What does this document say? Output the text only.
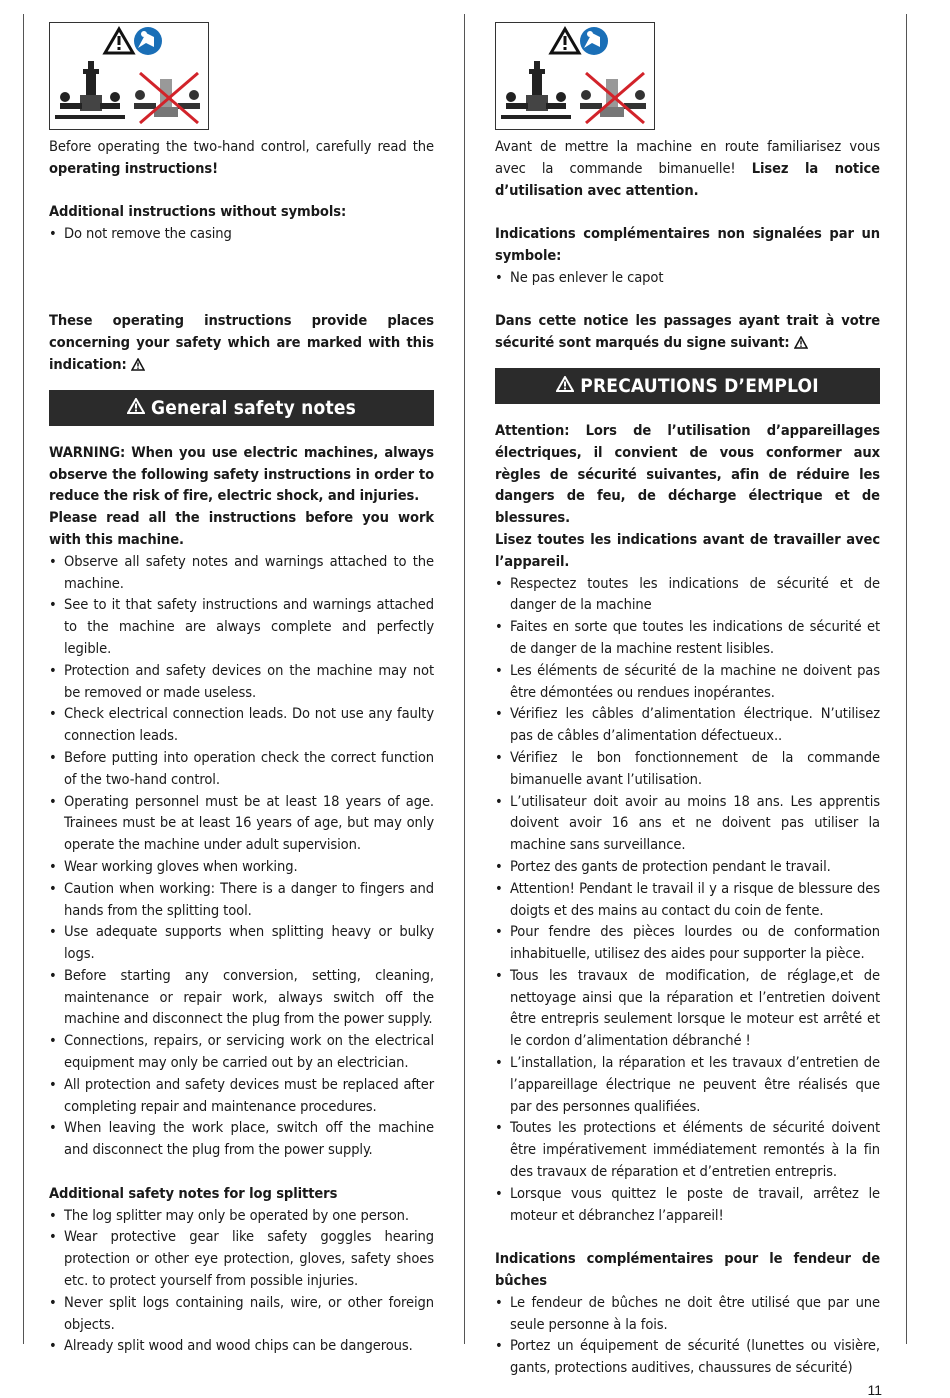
Before operating the two-hand control, carefully read the operating instructions!

Additional instructions without symbols:

• Do not remove the casing

These operating instructions provide places concerning your safety which are marked with this indication:

General safety notes

WARNING: When you use electric machines, always observe the following safety instructions in order to reduce the risk of fire, electric shock, and injuries.

Please read all the instructions before you work with this machine.

• Observe all safety notes and warnings attached to the machine.
• See to it that safety instructions and warnings attached to the machine are always complete and perfectly legible.
• Protection and safety devices on the machine may not be removed or made useless.
• Check electrical connection leads. Do not use any faulty connection leads.
• Before putting into operation check the correct function of the two-hand control.
• Operating personnel must be at least 18 years of age. Trainees must be at least 16 years of age, but may only operate the machine under adult supervision.
• Wear working gloves when working.
• Caution when working: There is a danger to fingers and hands from the splitting tool.
• Use adequate supports when splitting heavy or bulky logs.
• Before starting any conversion, setting, cleaning, maintenance or repair work, always switch off the machine and disconnect the plug from the power supply.
• Connections, repairs, or servicing work on the electrical equipment may only be carried out by an electrician.
• All protection and safety devices must be replaced after completing repair and maintenance procedures.
• When leaving the work place, switch off the machine and disconnect the plug from the power supply.

Additional safety notes for log splitters

• The log splitter may only be operated by one person.
• Wear protective gear like safety goggles hearing protection or other eye protection, gloves, safety shoes etc. to protect yourself from possible injuries.
• Never split logs containing nails, wire, or other foreign objects.
• Already split wood and wood chips can be dangerous.

Avant de mettre la machine en route familiarisez vous avec la commande bimanuelle! Lisez la notice d’utilisation avec attention.

Indications complémentaires non signalées par un symbole:

• Ne pas enlever le capot

Dans cette notice les passages ayant trait à votre sécurité sont marqués du signe suivant:

PRECAUTIONS D’EMPLOI

Attention: Lors de l’utilisation d’appareillages électriques, il convient de vous conformer aux règles de sécurité suivantes, afin de réduire les dangers de feu, de décharge électrique et de blessures.

Lisez toutes les indications avant de travailler avec l’appareil.

• Respectez toutes les indications de sécurité et de danger de la machine
• Faites en sorte que toutes les indications de sécurité et de danger de la machine restent lisibles.
• Les éléments de sécurité de la machine ne doivent pas être démontées ou rendues inopérantes.
• Vérifiez les câbles d’alimentation électrique. N’utilisez pas de câbles d’alimentation défectueux..
• Vérifiez le bon fonctionnement de la commande bimanuelle avant l’utilisation.
• L’utilisateur doit avoir au moins 18 ans. Les apprentis doivent avoir 16 ans et ne doivent pas utiliser la machine sans surveillance.
• Portez des gants de protection pendant le travail.
• Attention! Pendant le travail il y a risque de blessure des doigts et des mains au contact du coin de fente.
• Pour fendre des pièces lourdes ou de conformation inhabituelle, utilisez des aides pour supporter la pièce.
• Tous les travaux de modification, de réglage,et de nettoyage ainsi que la réparation et l’entretien doivent être entrepris seulement lorsque le moteur est arrêté et le cordon d’alimentation débranché !
• L’installation, la réparation et les travaux d’entretien de l’appareillage électrique ne peuvent être réalisés que par des personnes qualifiées.
• Toutes les protections et éléments de sécurité doivent être impérativement immédiatement remontés à la fin des travaux de réparation et d’entretien entrepris.
• Lorsque vous quittez le poste de travail, arrêtez le moteur et débranchez l’appareil!

Indications complémentaires pour le fendeur de bûches

• Le fendeur de bûches ne doit être utilisé que par une seule personne à la fois.
• Portez un équipement de sécurité (lunettes ou visière, gants, protections auditives, chaussures de sécurité)
11
